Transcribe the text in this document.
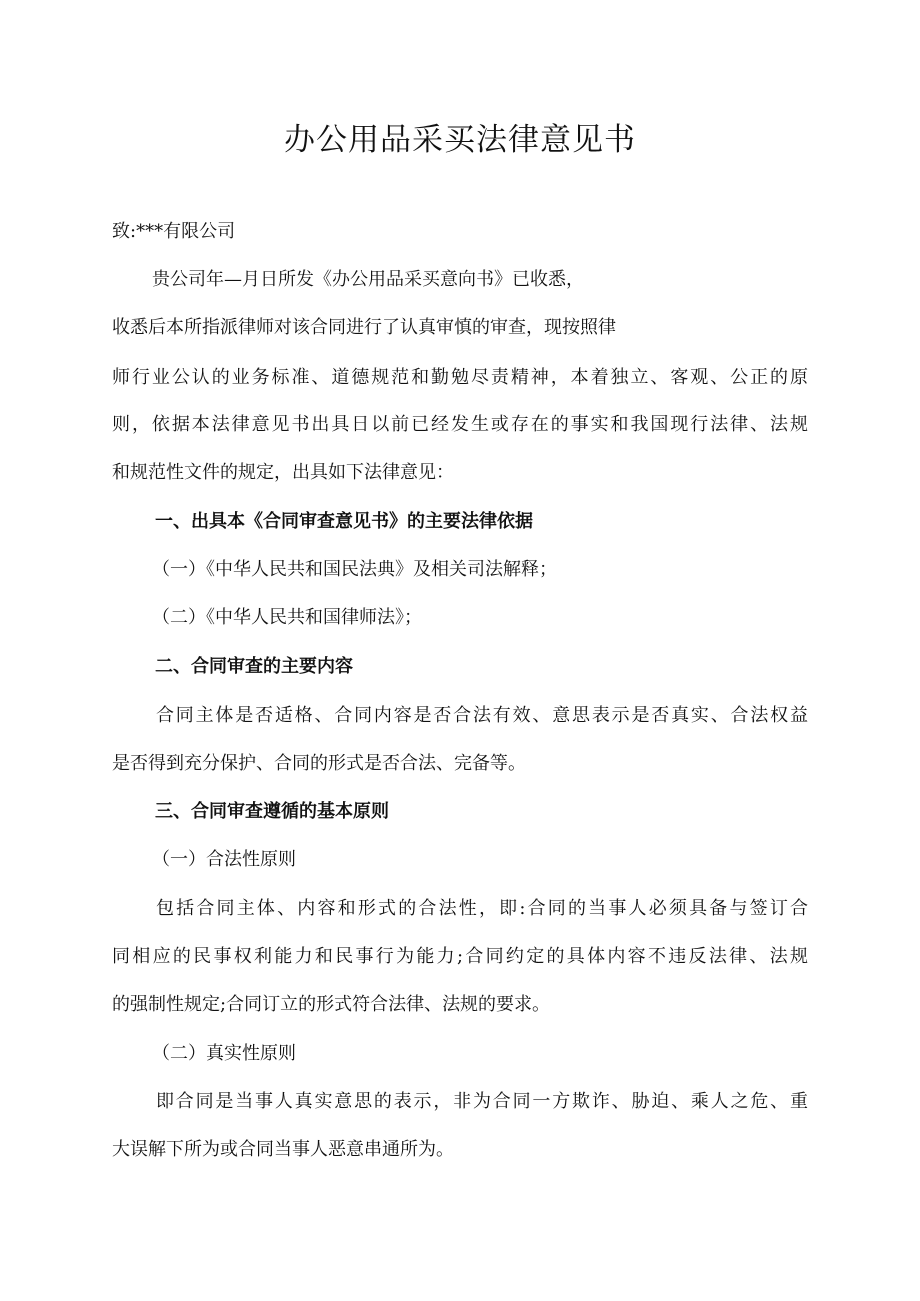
办公用品采买法律意见书
致:***有限公司
贵公司年—月日所发《办公用品采买意向书》已收悉，
收悉后本所指派律师对该合同进行了认真审慎的审查，现按照律
师行业公认的业务标准、道德规范和勤勉尽责精神，本着独立、客观、公正的原
则，依据本法律意见书出具日以前已经发生或存在的事实和我国现行法律、法规
和规范性文件的规定，出具如下法律意见：
一、出具本《合同审查意见书》的主要法律依据
（一）《中华人民共和国民法典》及相关司法解释；
（二）《中华人民共和国律师法》；
二、合同审查的主要内容
合同主体是否适格、合同内容是否合法有效、意思表示是否真实、合法权益
是否得到充分保护、合同的形式是否合法、完备等。
三、合同审查遵循的基本原则
（一）合法性原则
包括合同主体、内容和形式的合法性，即:合同的当事人必须具备与签订合
同相应的民事权利能力和民事行为能力;合同约定的具体内容不违反法律、法规
的强制性规定;合同订立的形式符合法律、法规的要求。
（二）真实性原则
即合同是当事人真实意思的表示，非为合同一方欺诈、胁迫、乘人之危、重
大误解下所为或合同当事人恶意串通所为。
